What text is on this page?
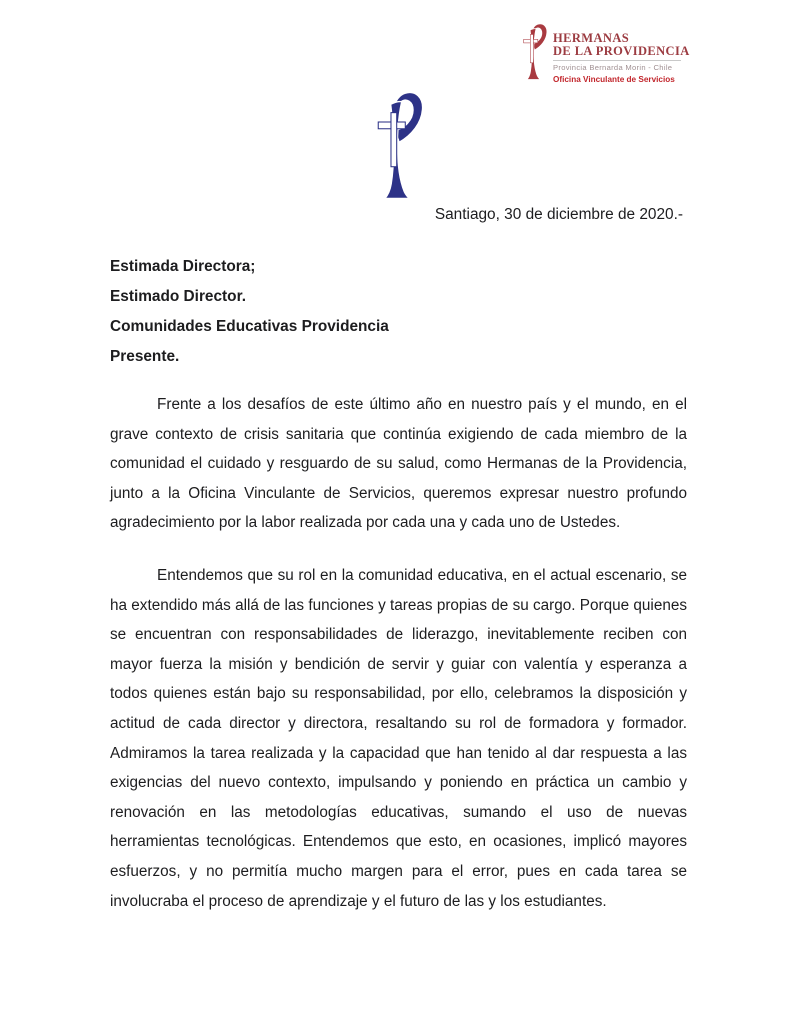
HERMANAS
DE LA PROVIDENCIA
Provincia Bernarda Morin - Chile
Oficina Vinculante de Servicios
Santiago, 30 de diciembre de 2020.-
Estimada Directora;
Estimado Director.
Comunidades Educativas Providencia
Presente.

Frente a los desafíos de este último año en nuestro país y el mundo, en el grave contexto de crisis sanitaria que continúa exigiendo de cada miembro de la comunidad el cuidado y resguardo de su salud, como Hermanas de la Providencia, junto a la Oficina Vinculante de Servicios, queremos expresar nuestro profundo agradecimiento por la labor realizada por cada una y cada uno de Ustedes.

Entendemos que su rol en la comunidad educativa, en el actual escenario, se ha extendido más allá de las funciones y tareas propias de su cargo. Porque quienes se encuentran con responsabilidades de liderazgo, inevitablemente reciben con mayor fuerza la misión y bendición de servir y guiar con valentía y esperanza a todos quienes están bajo su responsabilidad, por ello, celebramos la disposición y actitud de cada director y directora, resaltando su rol de formadora y formador. Admiramos la tarea realizada y la capacidad que han tenido al dar respuesta a las exigencias del nuevo contexto, impulsando y poniendo en práctica un cambio y renovación en las metodologías educativas, sumando el uso de nuevas herramientas tecnológicas. Entendemos que esto, en ocasiones, implicó mayores esfuerzos, y no permitía mucho margen para el error, pues en cada tarea se involucraba el proceso de aprendizaje y el futuro de las y los estudiantes.
